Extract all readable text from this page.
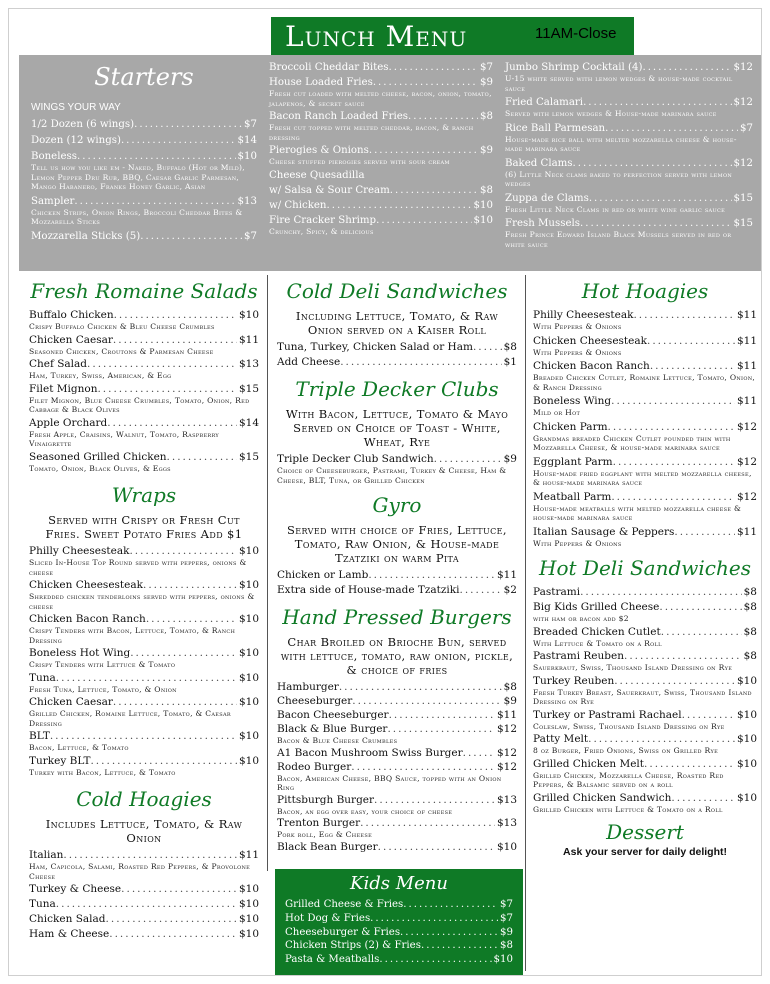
Lunch Menu	11AM-Close
Starters
WINGS YOUR WAY
1/2 Dozen (6 wings) .....	$7
Dozen (12 wings) .....	$14
Boneless .....	$10
Tell us how you like em - Naked, Buffalo (Hot or Mild), Lemon Pepper Dru Rub, BBQ, Caesar Garlic Parmesan, Mango Habanero, Franks Honey Garlic, Asian
Sampler .....	$13
Chicken Strips, Onion Rings, Broccoli Cheddar Bites & Mozzarella Sticks
Mozzarella Sticks (5) .....	$7
Broccoli Cheddar Bites .....	$7
House Loaded Fries .....	$9
Fresh cut loaded with melted cheese, bacon, onion, tomato, jalapenos, & secret sauce
Bacon Ranch Loaded Fries .....	$8
Fresh cut topped with melted cheddar, bacon, & ranch dressing
Pierogies & Onions .....	$9
Cheese stuffed pierogies served with sour cream
Cheese Quesadilla
w/ Salsa & Sour Cream .....	$8
w/ Chicken .....	$10
Fire Cracker Shrimp .....	$10
Crunchy, Spicy, & delicious
Jumbo Shrimp Cocktail (4) .....	$12
U-15 white served with lemon wedges & house-made cocktail sauce
Fried Calamari .....	$12
Served with lemon wedges & House-made marinara sauce
Rice Ball Parmesan .....	$7
House-made rice ball with melted mozzarella cheese & house-made marinara sauce
Baked Clams .....	$12
(6) Little Neck clams baked to perfection served with lemon wedges
Zuppa de Clams .....	$15
Fresh Little Neck Clams in red or white wine garlic sauce
Fresh Mussels .....	$15
Fresh Prince Edward Island Black Mussels served in red or white sauce
Fresh Romaine Salads
Buffalo Chicken .....	$10
Crispy Buffalo Chicken & Bleu Cheese Crumbles
Chicken Caesar .....	$11
Seasoned Chicken, Croutons & Parmesan Cheese
Chef Salad .....	$13
Ham, Turkey, Swiss, American, & Egg
Filet Mignon .....	$15
Filet Mignon, Blue Cheese Crumbles, Tomato, Onion, Red Cabbage & Black Olives
Apple Orchard .....	$14
Fresh Apple, Craisins, Walnut, Tomato, Raspberry Vinaigrette
Seasoned Grilled Chicken .....	$15
Tomato, Onion, Black Olives, & Eggs
Wraps
Served with Crispy or Fresh Cut Fries. Sweet Potato Fries Add $1
Philly Cheesesteak .....	$10
Sliced In-House Top Round served with peppers, onions & cheese
Chicken Cheesesteak .....	$10
Shredded chicken tenderloins served with peppers, onions & cheese
Chicken Bacon Ranch .....	$10
Crispy Tenders with Bacon, Lettuce, Tomato, & Ranch Dressing
Boneless Hot Wing .....	$10
Crispy Tenders with Lettuce & Tomato
Tuna .....	$10
Fresh Tuna, Lettuce, Tomato, & Onion
Chicken Caesar .....	$10
Grilled Chicken, Romaine Lettuce, Tomato, & Caesar Dressing
BLT .....	$10
Bacon, Lettuce, & Tomato
Turkey BLT .....	$10
Turkey with Bacon, Lettuce, & Tomato
Cold Hoagies
Includes Lettuce, Tomato, & Raw Onion
Italian .....	$11
Ham, Capicola, Salami, Roasted Red Peppers, & Provolone Cheese
Turkey & Cheese .....	$10
Tuna .....	$10
Chicken Salad .....	$10
Ham & Cheese .....	$10
Cold Deli Sandwiches
Including Lettuce, Tomato, & Raw Onion served on a Kaiser Roll
Tuna, Turkey, Chicken Salad or Ham .....	$8
Add Cheese .....	$1
Triple Decker Clubs
With Bacon, Lettuce, Tomato & Mayo Served on Choice of Toast - White, Wheat, Rye
Triple Decker Club Sandwich .....	$9
Choice of Cheeseburger, Pastrami, Turkey & Cheese, Ham & Cheese, BLT, Tuna, or Grilled Chicken
Gyro
Served with choice of Fries, Lettuce, Tomato, Raw Onion, & House-made Tzatziki on warm Pita
Chicken or Lamb .....	$11
Extra side of House-made Tzatziki .....	$2
Hand Pressed Burgers
Char Broiled on Brioche Bun, served with lettuce, tomato, raw onion, pickle, & choice of fries
Hamburger .....	$8
Cheeseburger .....	$9
Bacon Cheeseburger .....	$11
Black & Blue Burger .....	$12
Bacon & Blue Cheese Crumbles
A1 Bacon Mushroom Swiss Burger .....	$12
Rodeo Burger .....	$12
Bacon, American Cheese, BBQ Sauce, topped with an Onion Ring
Pittsburgh Burger .....	$13
Bacon, an egg over easy, your choice of cheese
Trenton Burger .....	$13
Pork roll, Egg & Cheese
Black Bean Burger .....	$10
Kids Menu
Grilled Cheese & Fries .....	$7
Hot Dog & Fries .....	$7
Cheeseburger & Fries .....	$9
Chicken Strips (2) & Fries .....	$8
Pasta & Meatballs .....	$10
Hot Hoagies
Philly Cheesesteak .....	$11
With Peppers & Onions
Chicken Cheesesteak .....	$11
With Peppers & Onions
Chicken Bacon Ranch .....	$11
Breaded Chicken Cutlet, Romaine Lettuce, Tomato, Onion, & Ranch Dressing
Boneless Wing .....	$11
Mild or Hot
Chicken Parm .....	$12
Grandmas breaded Chicken Cutlet pounded thin with Mozzarella Cheese, & house-made marinara sauce
Eggplant Parm .....	$12
House-made fried eggplant with melted mozzarella cheese, & house-made marinara sauce
Meatball Parm .....	$12
House-made meatballs with melted mozzarella cheese & house-made marinara sauce
Italian Sausage & Peppers .....	$11
With Peppers & Onions
Hot Deli Sandwiches
Pastrami .....	$8
Big Kids Grilled Cheese .....	$8
with ham or bacon add $2
Breaded Chicken Cutlet .....	$8
With Lettuce & Tomato on a Roll
Pastrami Reuben .....	$8
Sauerkraut, Swiss, Thousand Island Dressing on Rye
Turkey Reuben .....	$10
Fresh Turkey Breast, Sauerkraut, Swiss, Thousand Island Dressing on Rye
Turkey or Pastrami Rachael .....	$10
Coleslaw, Swiss, Thousand Island Dressing on Rye
Patty Melt .....	$10
8 oz Burger, Fried Onions, Swiss on Grilled Rye
Grilled Chicken Melt .....	$10
Grilled Chicken, Mozzarella Cheese, Roasted Red Peppers, & Balsamic served on a roll
Grilled Chicken Sandwich .....	$10
Grilled Chicken with Lettuce & Tomato on a Roll
Dessert
Ask your server for daily delight!
